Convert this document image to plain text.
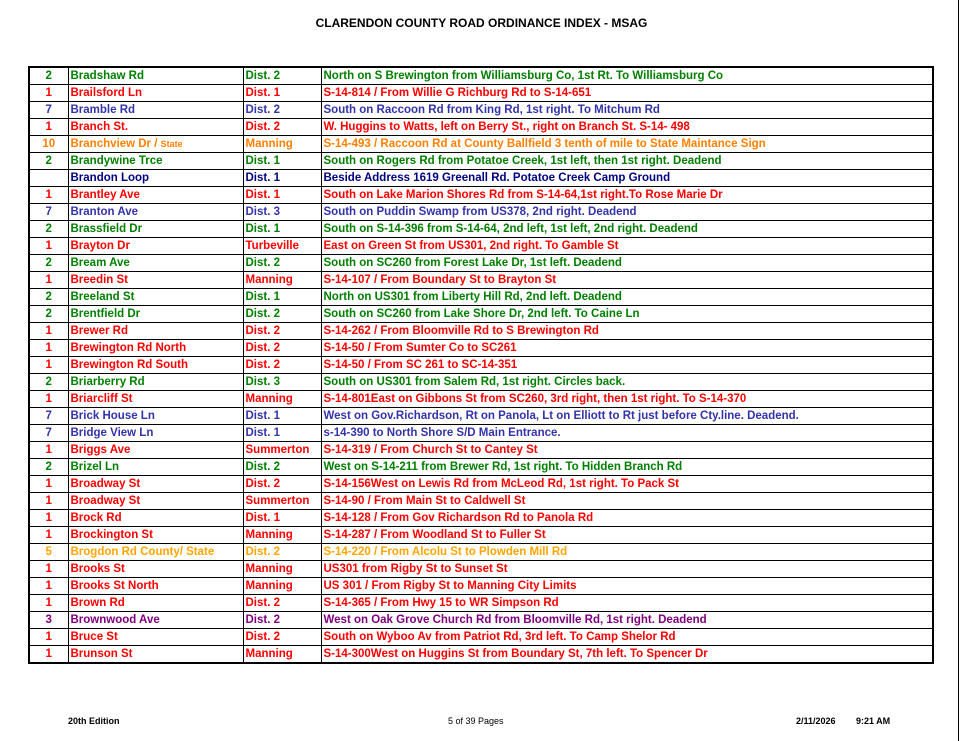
CLARENDON COUNTY ROAD ORDINANCE INDEX - MSAG
2	Bradshaw Rd	Dist. 2	North on S Brewington from Williamsburg Co, 1st Rt. To Williamsburg Co
1	Brailsford Ln	Dist. 1	S-14-814 / From Willie G Richburg Rd to S-14-651
7	Bramble Rd	Dist. 2	South on Raccoon Rd from King Rd, 1st right. To Mitchum Rd
1	Branch St.	Dist. 2	W. Huggins to Watts, left on Berry St., right on Branch St. S-14- 498
10	Branchview Dr / State	Manning	S-14-493 / Raccoon Rd at County Ballfield 3 tenth of mile to State Maintance Sign
2	Brandywine Trce	Dist. 1	South on Rogers Rd from Potatoe Creek, 1st left, then 1st right. Deadend
	Brandon Loop	Dist. 1	Beside Address 1619 Greenall Rd. Potatoe Creek Camp Ground
1	Brantley Ave	Dist. 1	South on Lake Marion Shores Rd from S-14-64,1st right.To Rose Marie Dr
7	Branton Ave	Dist. 3	South on Puddin Swamp from US378, 2nd right. Deadend
2	Brassfield Dr	Dist. 1	South on S-14-396 from S-14-64, 2nd left, 1st left, 2nd right. Deadend
1	Brayton Dr	Turbeville	East on Green St from US301, 2nd right. To Gamble St
2	Bream Ave	Dist. 2	South on SC260 from Forest Lake Dr, 1st left. Deadend
1	Breedin St	Manning	S-14-107 / From Boundary St to Brayton St
2	Breeland St	Dist. 1	North on US301 from Liberty Hill Rd, 2nd left. Deadend
2	Brentfield Dr	Dist. 2	South on SC260 from Lake Shore Dr, 2nd left. To Caine Ln
1	Brewer Rd	Dist. 2	S-14-262 / From Bloomville Rd to S Brewington Rd
1	Brewington Rd North	Dist. 2	S-14-50 / From Sumter Co to SC261
1	Brewington Rd South	Dist. 2	S-14-50 / From SC 261 to SC-14-351
2	Briarberry Rd	Dist. 3	South on US301 from Salem Rd, 1st right. Circles back.
1	Briarcliff St	Manning	S-14-801East on Gibbons St from SC260, 3rd right, then 1st right. To S-14-370
7	Brick House Ln	Dist. 1	West on Gov.Richardson, Rt on Panola, Lt on Elliott to Rt just before Cty.line. Deadend.
7	Bridge View Ln	Dist. 1	s-14-390 to North Shore S/D Main Entrance.
1	Briggs Ave	Summerton	S-14-319 / From Church St to Cantey St
2	Brizel Ln	Dist. 2	West on S-14-211 from Brewer Rd, 1st right. To Hidden Branch Rd
1	Broadway St	Dist. 2	S-14-156West on Lewis Rd from McLeod Rd, 1st right. To Pack St
1	Broadway St	Summerton	S-14-90 / From Main St to Caldwell St
1	Brock Rd	Dist. 1	S-14-128 / From Gov Richardson Rd to Panola Rd
1	Brockington St	Manning	S-14-287 / From Woodland St to Fuller St
5	Brogdon Rd County/ State	Dist. 2	S-14-220 / From Alcolu St to Plowden Mill Rd
1	Brooks St	Manning	US301 from Rigby St to Sunset St
1	Brooks St North	Manning	US 301 / From Rigby St to Manning City Limits
1	Brown Rd	Dist. 2	S-14-365 / From Hwy 15 to WR Simpson Rd
3	Brownwood Ave	Dist. 2	West on Oak Grove Church Rd from Bloomville Rd, 1st right. Deadend
1	Bruce St	Dist. 2	South on Wyboo Av from Patriot Rd, 3rd left. To Camp Shelor Rd
1	Brunson St	Manning	S-14-300West on Huggins St from Boundary St, 7th left. To Spencer Dr
20th Edition	5 of 39 Pages	2/11/2026 9:21 AM
